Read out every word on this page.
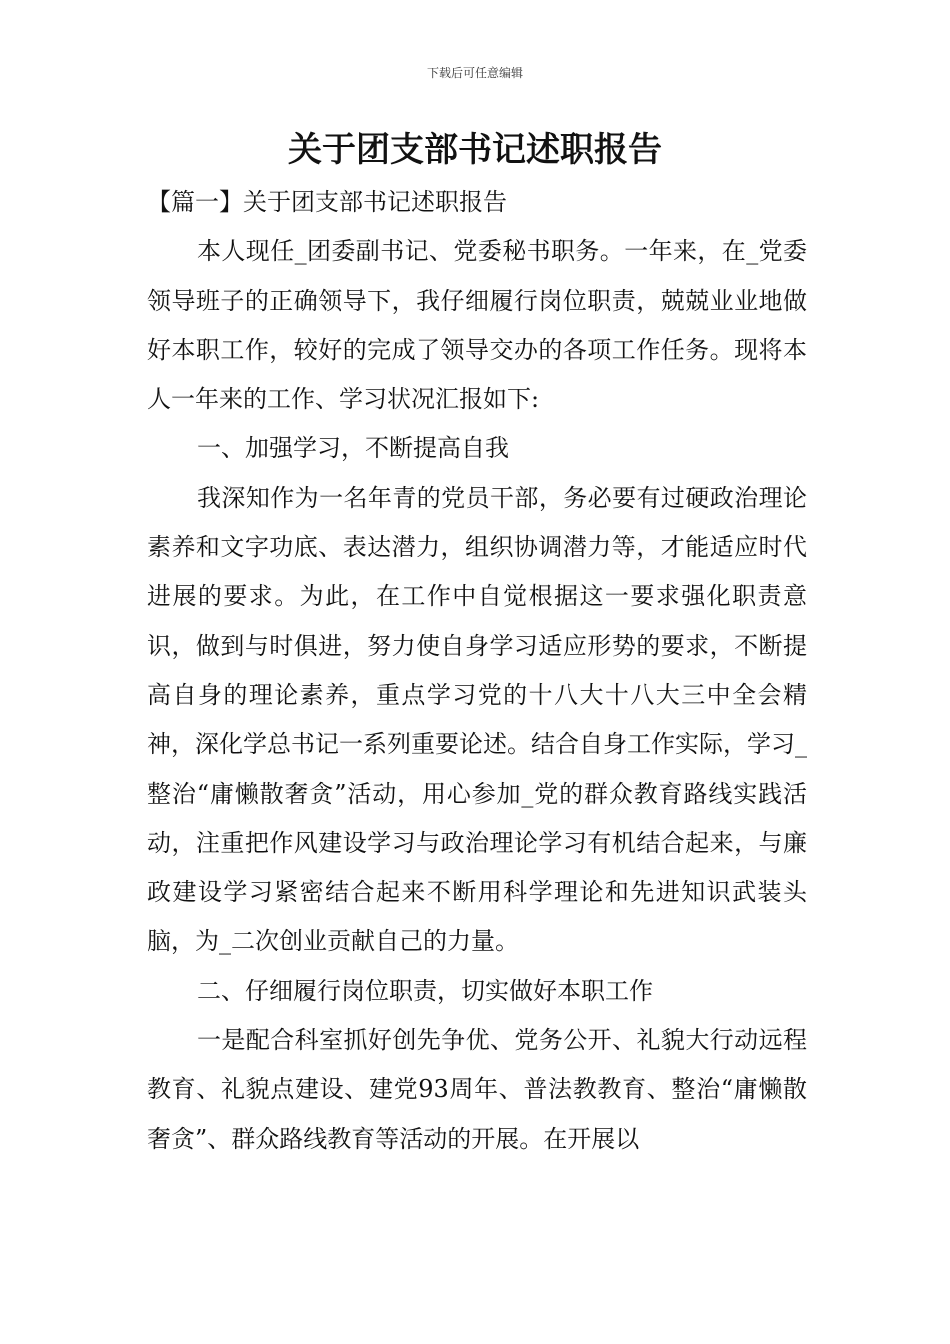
下载后可任意编辑
关于团支部书记述职报告

【篇一】关于团支部书记述职报告

本人现任_团委副书记、党委秘书职务。一年来，在_党委领导班子的正确领导下，我仔细履行岗位职责，兢兢业业地做好本职工作，较好的完成了领导交办的各项工作任务。现将本人一年来的工作、学习状况汇报如下:

一、加强学习，不断提高自我

我深知作为一名年青的党员干部，务必要有过硬政治理论素养和文字功底、表达潜力，组织协调潜力等，才能适应时代进展的要求。为此，在工作中自觉根据这一要求强化职责意识，做到与时俱进，努力使自身学习适应形势的要求，不断提高自身的理论素养，重点学习党的十八大十八大三中全会精神，深化学总书记一系列重要论述。结合自身工作实际，学习_整治“庸懒散奢贪”活动，用心参加_党的群众教育路线实践活动，注重把作风建设学习与政治理论学习有机结合起来，与廉政建设学习紧密结合起来不断用科学理论和先进知识武装头脑，为_二次创业贡献自己的力量。

二、仔细履行岗位职责，切实做好本职工作

一是配合科室抓好创先争优、党务公开、礼貌大行动远程教育、礼貌点建设、建党93周年、普法教教育、整治“庸懒散奢贪”、群众路线教育等活动的开展。在开展以
